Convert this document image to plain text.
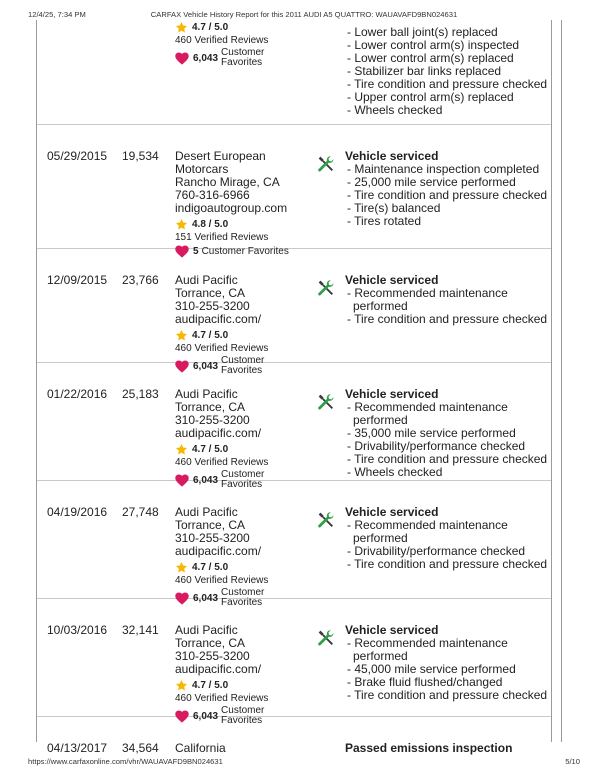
12/4/25, 7:34 PM	CARFAX Vehicle History Report for this 2011 AUDI A5 QUATTRO: WAUAVAFD9BN024631
4.7 / 5.0
460 Verified Reviews
6,043 Customer
Favorites
- Lower ball joint(s) replaced
- Lower control arm(s) inspected
- Lower control arm(s) replaced
- Stabilizer bar links replaced
- Tire condition and pressure checked
- Upper control arm(s) replaced
- Wheels checked
05/29/2015 19,534 Desert European
Motorcars
Rancho Mirage, CA
760-316-6966
indigoautogroup.com
4.8 / 5.0
151 Verified Reviews
5 Customer Favorites
Vehicle serviced
- Maintenance inspection completed
- 25,000 mile service performed
- Tire condition and pressure checked
- Tire(s) balanced
- Tires rotated
12/09/2015 23,766 Audi Pacific
Torrance, CA
310-255-3200
audipacific.com/
4.7 / 5.0
460 Verified Reviews
6,043 Customer
Favorites
Vehicle serviced
- Recommended maintenance performed
- Tire condition and pressure checked
01/22/2016 25,183 Audi Pacific
Torrance, CA
310-255-3200
audipacific.com/
4.7 / 5.0
460 Verified Reviews
6,043 Customer
Favorites
Vehicle serviced
- Recommended maintenance performed
- 35,000 mile service performed
- Drivability/performance checked
- Tire condition and pressure checked
- Wheels checked
04/19/2016 27,748 Audi Pacific
Torrance, CA
310-255-3200
audipacific.com/
4.7 / 5.0
460 Verified Reviews
6,043 Customer
Favorites
Vehicle serviced
- Recommended maintenance performed
- Drivability/performance checked
- Tire condition and pressure checked
10/03/2016 32,141 Audi Pacific
Torrance, CA
310-255-3200
audipacific.com/
4.7 / 5.0
460 Verified Reviews
6,043 Customer
Favorites
Vehicle serviced
- Recommended maintenance performed
- 45,000 mile service performed
- Brake fluid flushed/changed
- Tire condition and pressure checked
04/13/2017 34,564 California	Passed emissions inspection
https://www.carfaxonline.com/vhr/WAUAVAFD9BN024631	5/10
